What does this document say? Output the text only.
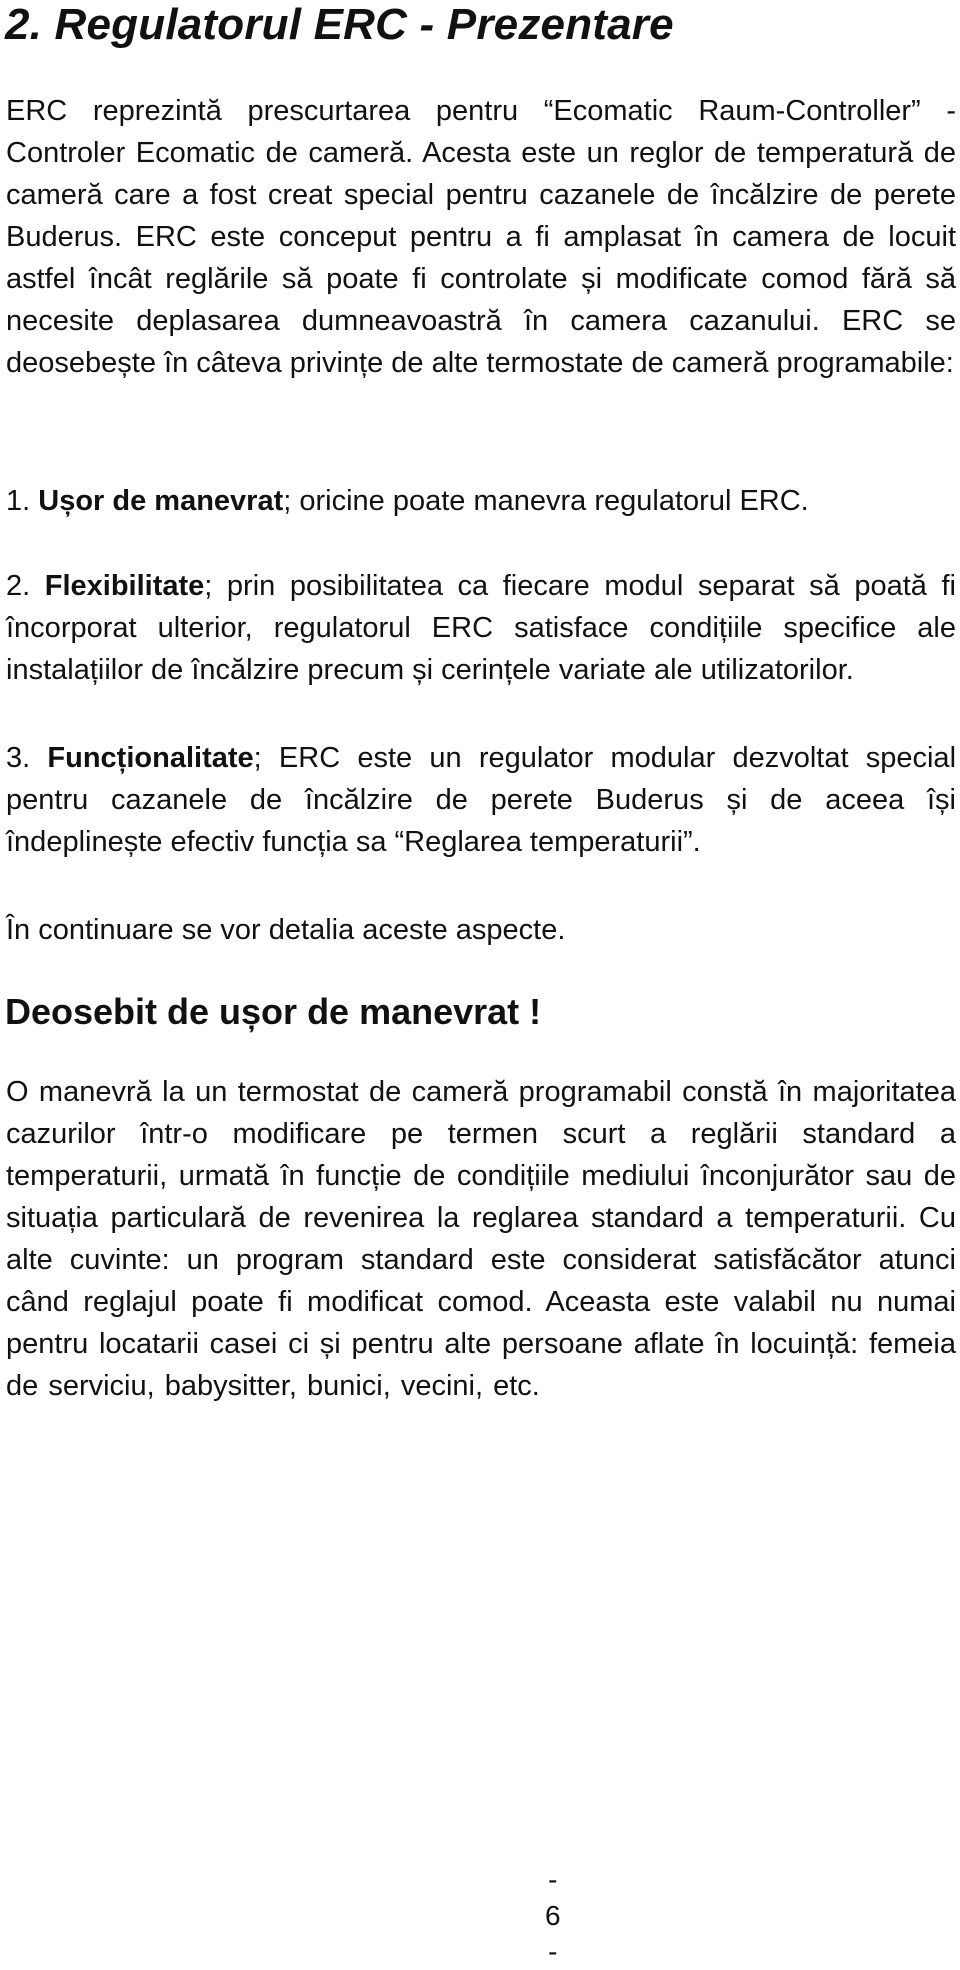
2. Regulatorul ERC - Prezentare

ERC reprezintă prescurtarea pentru “Ecomatic Raum-Controller” - Controler Ecomatic de cameră. Acesta este un reglor de temperatură de cameră care a fost creat special pentru cazanele de încălzire de perete Buderus. ERC este conceput pentru a fi amplasat în camera de locuit astfel încât reglările să poate fi controlate și modificate comod fără să necesite deplasarea dumneavoastră în camera cazanului. ERC se deosebește în câteva privințe de alte termostate de cameră programabile:

1. Ușor de manevrat; oricine poate manevra regulatorul ERC.

2. Flexibilitate; prin posibilitatea ca fiecare modul separat să poată fi încorporat ulterior, regulatorul ERC satisface condițiile specifice ale instalațiilor de încălzire precum și cerințele variate ale utilizatorilor.

3. Funcționalitate; ERC este un regulator modular dezvoltat special pentru cazanele de încălzire de perete Buderus și de aceea își îndeplinește efectiv funcția sa “Reglarea temperaturii”.

În continuare se vor detalia aceste aspecte.

Deosebit de ușor de manevrat !

O manevră la un termostat de cameră programabil constă în majoritatea cazurilor într-o modificare pe termen scurt a reglării standard a temperaturii, urmată în funcție de condițiile mediului înconjurător sau de situația particulară de revenirea la reglarea standard a temperaturii. Cu alte cuvinte: un program standard este considerat satisfăcător atunci când reglajul poate fi modificat comod. Aceasta este valabil nu numai pentru locatarii casei ci și pentru alte persoane aflate în locuință: femeia de serviciu, babysitter, bunici, vecini, etc.

- 6 -
